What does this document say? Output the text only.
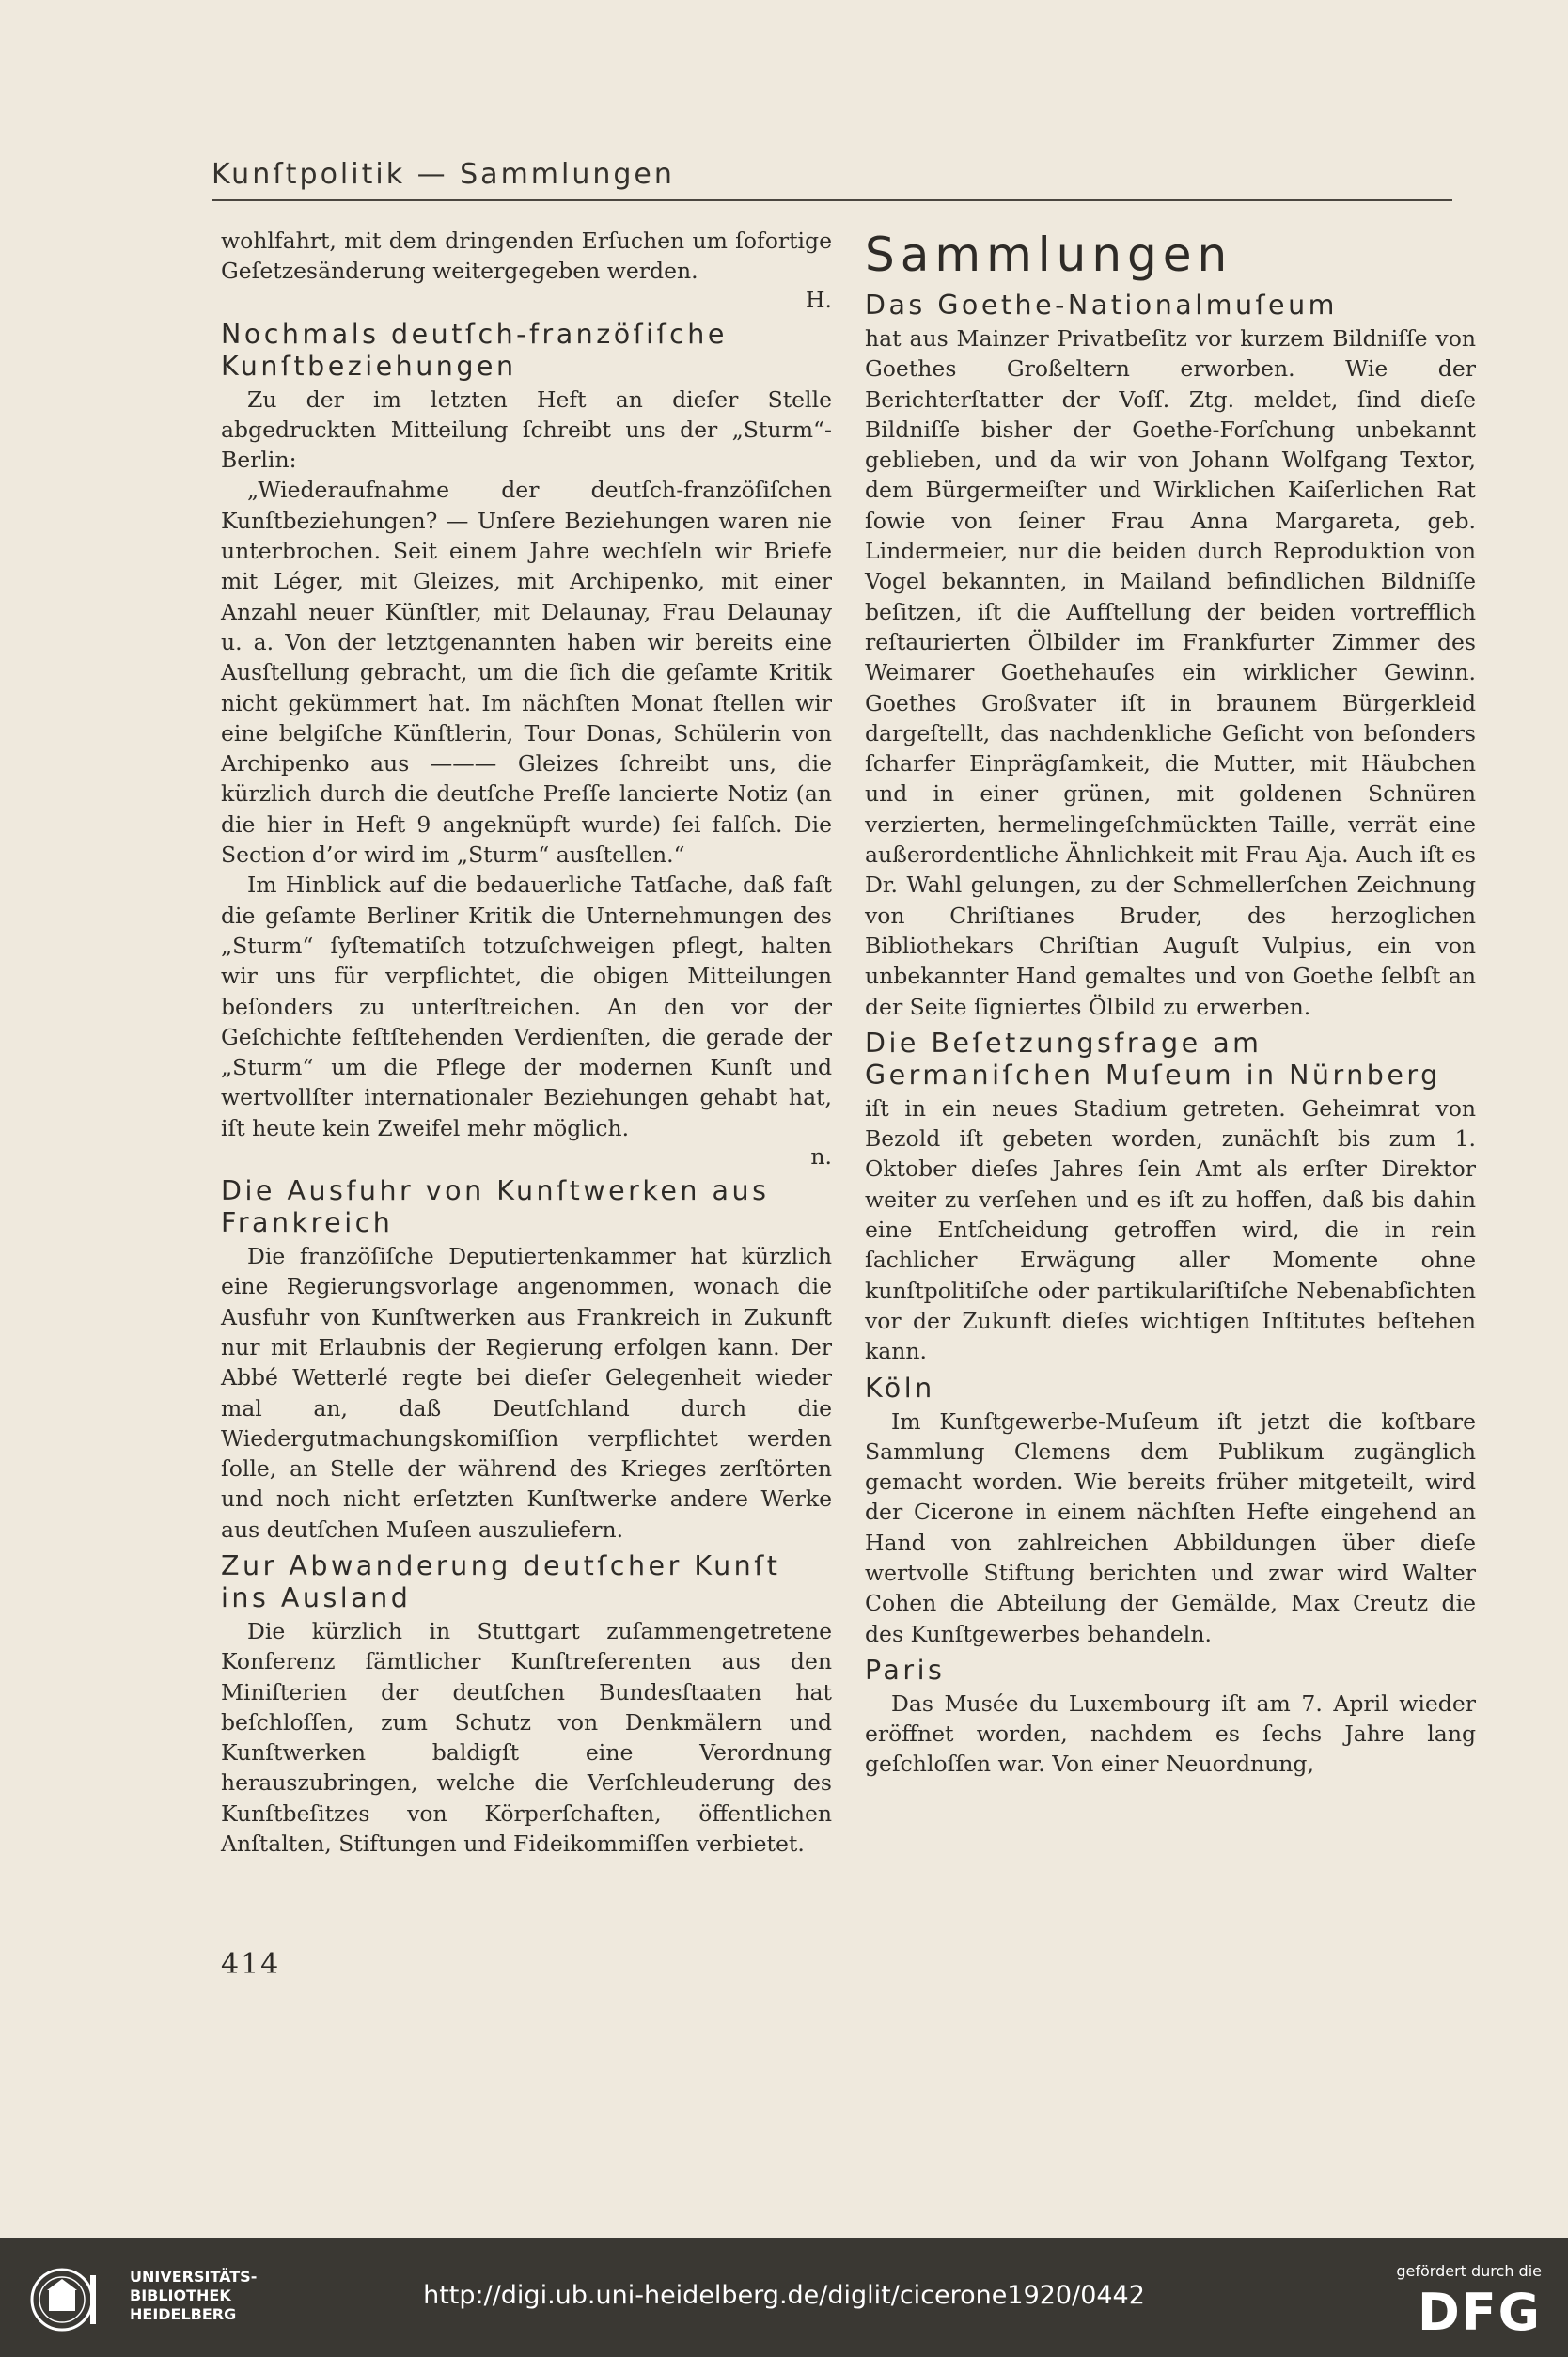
Kunſtpolitik — Sammlungen

wohlfahrt, mit dem dringenden Erſuchen um ſofortige Geſetzesänderung weitergegeben werden.

H.

Nochmals deutſch-franzöſiſche Kunſtbeziehungen

Zu der im letzten Heft an dieſer Stelle abgedruckten Mitteilung ſchreibt uns der „Sturm“-Berlin:

„Wiederaufnahme der deutſch-franzöſiſchen Kunſtbeziehungen? — Unſere Beziehungen waren nie unterbrochen. Seit einem Jahre wechſeln wir Briefe mit Léger, mit Gleizes, mit Archipenko, mit einer Anzahl neuer Künſtler, mit Delaunay, Frau Delaunay u. a. Von der letztgenannten haben wir bereits eine Ausſtellung gebracht, um die ſich die geſamte Kritik nicht gekümmert hat. Im nächſten Monat ſtellen wir eine belgiſche Künſtlerin, Tour Donas, Schülerin von Archipenko aus ——— Gleizes ſchreibt uns, die kürzlich durch die deutſche Preſſe lancierte Notiz (an die hier in Heft 9 angeknüpft wurde) ſei falſch. Die Section d’or wird im „Sturm“ ausſtellen.“

Im Hinblick auf die bedauerliche Tatſache, daß faſt die geſamte Berliner Kritik die Unternehmungen des „Sturm“ ſyſtematiſch totzuſchweigen pflegt, halten wir uns für verpflichtet, die obigen Mitteilungen beſonders zu unterſtreichen. An den vor der Geſchichte feſtſtehenden Verdienſten, die gerade der „Sturm“ um die Pflege der modernen Kunſt und wertvollſter internationaler Beziehungen gehabt hat, iſt heute kein Zweifel mehr möglich.

n.

Die Ausfuhr von Kunſtwerken aus Frankreich

Die franzöſiſche Deputiertenkammer hat kürzlich eine Regierungsvorlage angenommen, wonach die Ausfuhr von Kunſtwerken aus Frankreich in Zukunft nur mit Erlaubnis der Regierung erfolgen kann. Der Abbé Wetterlé regte bei dieſer Gelegenheit wieder mal an, daß Deutſchland durch die Wiedergutmachungskomiſſion verpflichtet werden ſolle, an Stelle der während des Krieges zerſtörten und noch nicht erſetzten Kunſtwerke andere Werke aus deutſchen Muſeen auszuliefern.

Zur Abwanderung deutſcher Kunſt ins Ausland

Die kürzlich in Stuttgart zuſammengetretene Konferenz ſämtlicher Kunſtreferenten aus den Miniſterien der deutſchen Bundesſtaaten hat beſchloſſen, zum Schutz von Denkmälern und Kunſtwerken baldigſt eine Verordnung herauszubringen, welche die Verſchleuderung des Kunſtbeſitzes von Körperſchaften, öffentlichen Anſtalten, Stiftungen und Fideikommiſſen verbietet.

Sammlungen
Das Goethe-Nationalmuſeum

hat aus Mainzer Privatbeſitz vor kurzem Bildniſſe von Goethes Großeltern erworben. Wie der Berichterſtatter der Voſſ. Ztg. meldet, ſind dieſe Bildniſſe bisher der Goethe-Forſchung unbekannt geblieben, und da wir von Johann Wolfgang Textor, dem Bürgermeiſter und Wirklichen Kaiſerlichen Rat ſowie von ſeiner Frau Anna Margareta, geb. Lindermeier, nur die beiden durch Reproduktion von Vogel bekannten, in Mailand befindlichen Bildniſſe beſitzen, iſt die Aufſtellung der beiden vortrefflich reſtaurierten Ölbilder im Frankfurter Zimmer des Weimarer Goethehauſes ein wirklicher Gewinn. Goethes Großvater iſt in braunem Bürgerkleid dargeſtellt, das nachdenkliche Geſicht von beſonders ſcharfer Einprägſamkeit, die Mutter, mit Häubchen und in einer grünen, mit goldenen Schnüren verzierten, hermelingeſchmückten Taille, verrät eine außerordentliche Ähnlichkeit mit Frau Aja. Auch iſt es Dr. Wahl gelungen, zu der Schmellerſchen Zeichnung von Chriſtianes Bruder, des herzoglichen Bibliothekars Chriſtian Auguſt Vulpius, ein von unbekannter Hand gemaltes und von Goethe ſelbſt an der Seite ſigniertes Ölbild zu erwerben.

Die Beſetzungsfrage am Germaniſchen Muſeum in Nürnberg

iſt in ein neues Stadium getreten. Geheimrat von Bezold iſt gebeten worden, zunächſt bis zum 1. Oktober dieſes Jahres ſein Amt als erſter Direktor weiter zu verſehen und es iſt zu hoffen, daß bis dahin eine Entſcheidung getroffen wird, die in rein ſachlicher Erwägung aller Momente ohne kunſtpolitiſche oder partikulariſtiſche Nebenabſichten vor der Zukunft dieſes wichtigen Inſtitutes beſtehen kann.

Köln

Im Kunſtgewerbe-Muſeum iſt jetzt die koſtbare Sammlung Clemens dem Publikum zugänglich gemacht worden. Wie bereits früher mitgeteilt, wird der Cicerone in einem nächſten Hefte eingehend an Hand von zahlreichen Abbildungen über dieſe wertvolle Stiftung berichten und zwar wird Walter Cohen die Abteilung der Gemälde, Max Creutz die des Kunſtgewerbes behandeln.

Paris

Das Musée du Luxembourg iſt am 7. April wieder eröffnet worden, nachdem es ſechs Jahre lang geſchloſſen war. Von einer Neuordnung,

414
UNIVERSITÄTS-
BIBLIOTHEK
HEIDELBERG
http://digi.ub.uni-heidelberg.de/diglit/cicerone1920/0442
gefördert durch die
DFG
